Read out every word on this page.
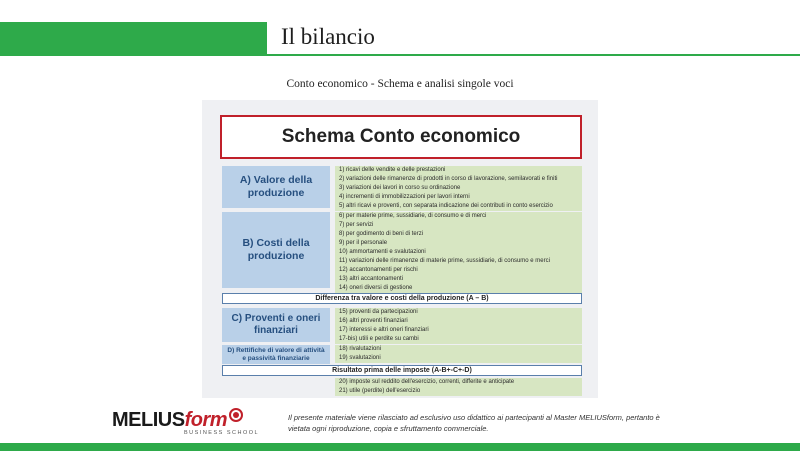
Il bilancio
Conto economico - Schema e analisi singole voci
Schema Conto economico
A) Valore della produzione
1) ricavi delle vendite e delle prestazioni
2) variazioni delle rimanenze di prodotti in corso di lavorazione, semilavorati e finiti
3) variazioni dei lavori in corso su ordinazione
4) incrementi di immobilizzazioni per lavori interni
5) altri ricavi e proventi, con separata indicazione dei contributi in conto esercizio
B) Costi della produzione
6) per materie prime, sussidiarie, di consumo e di merci
7) per servizi
8) per godimento di beni di terzi
9) per il personale
10) ammortamenti e svalutazioni
11) variazioni delle rimanenze di materie prime, sussidiarie, di consumo e merci
12) accantonamenti per rischi
13) altri accantonamenti
14) oneri diversi di gestione
Differenza tra valore e costi della produzione (A – B)
C) Proventi e oneri finanziari
15) proventi da partecipazioni
16) altri proventi finanziari
17) interessi e altri oneri finanziari
17-bis) utili e perdite su cambi
D) Rettifiche di valore di attività e passività finanziarie
18) rivalutazioni
19) svalutazioni
Risultato prima delle imposte (A-B+-C+-D)
20) imposte sul reddito dell'esercizio, correnti, differite e anticipate
21) utile (perdite) dell'esercizio
MELIUSform
BUSINESS SCHOOL
Il presente materiale viene rilasciato ad esclusivo uso didattico ai partecipanti al Master MELIUSform, pertanto è vietata ogni riproduzione, copia e sfruttamento commerciale.
